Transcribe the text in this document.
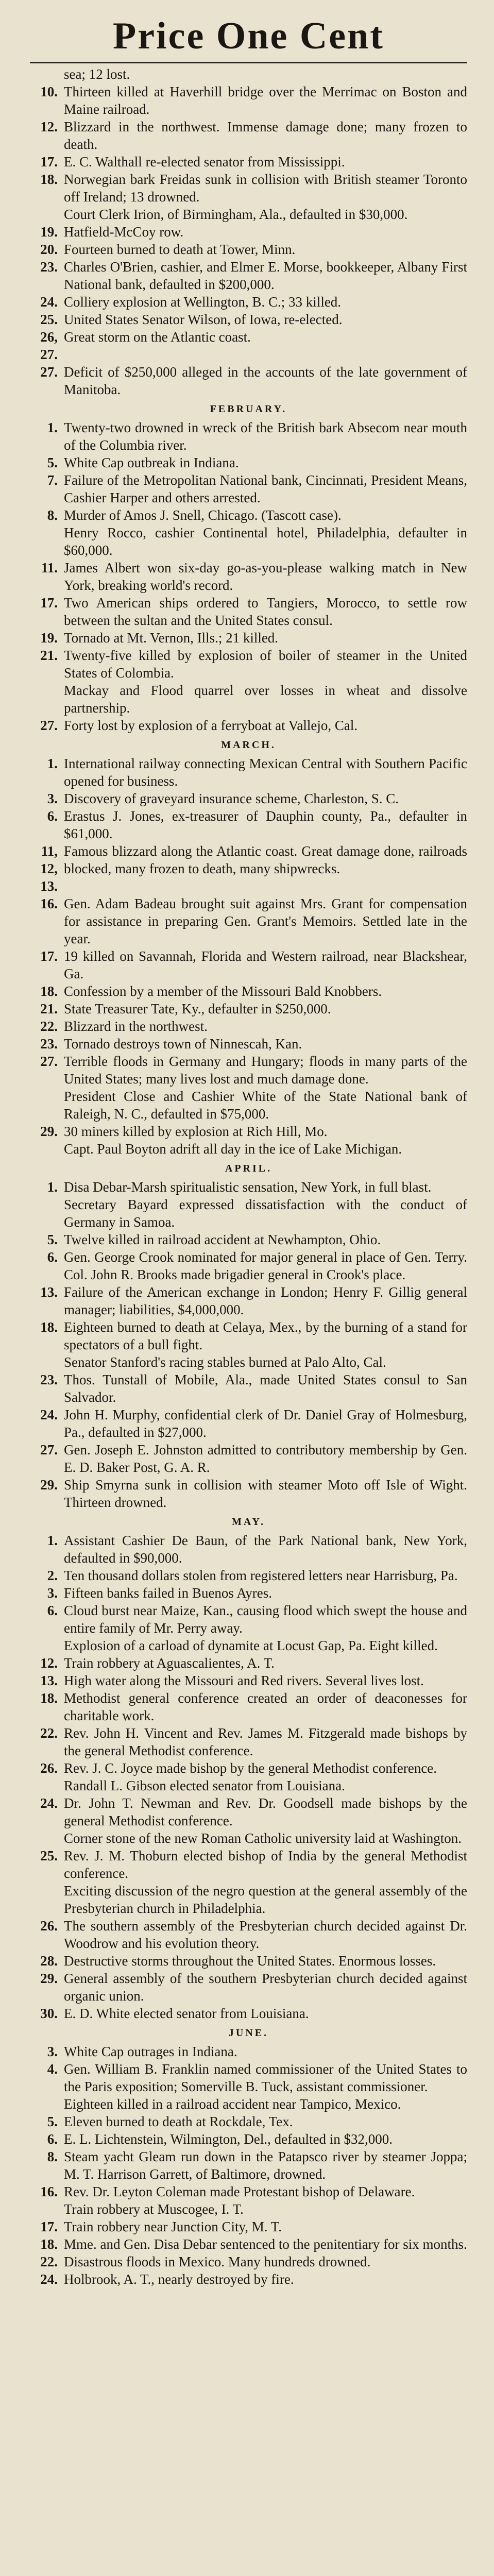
Price One Cent
sea; 12 lost.
10. Thirteen killed at Haverhill bridge over the Merrimac on Boston and Maine railroad.
12. Blizzard in the northwest. Immense damage done; many frozen to death.
17. E. C. Walthall re-elected senator from Mississippi.
18. Norwegian bark Freidas sunk in collision with British steamer Toronto off Ireland; 13 drowned.
Court Clerk Irion, of Birmingham, Ala., defaulted in $30,000.
19. Hatfield-McCoy row.
20. Fourteen burned to death at Tower, Minn.
23. Charles O'Brien, cashier, and Elmer E. Morse, bookkeeper, Albany First National bank, defaulted in $200,000.
24. Colliery explosion at Wellington, B. C.; 33 killed.
25. United States Senator Wilson, of Iowa, re-elected.
26, 27.
Great storm on the Atlantic coast.
27. Deficit of $250,000 alleged in the accounts of the late government of Manitoba.
FEBRUARY.
1. Twenty-two drowned in wreck of the British bark Absecom near mouth of the Columbia river.
5. White Cap outbreak in Indiana.
7. Failure of the Metropolitan National bank, Cincinnati, President Means, Cashier Harper and others arrested.
8. Murder of Amos J. Snell, Chicago. (Tascott case).
Henry Rocco, cashier Continental hotel, Philadelphia, defaulter in $60,000.
11. James Albert won six-day go-as-you-please walking match in New York, breaking world's record.
17. Two American ships ordered to Tangiers, Morocco, to settle row between the sultan and the United States consul.
19. Tornado at Mt. Vernon, Ills.; 21 killed.
21. Twenty-five killed by explosion of boiler of steamer in the United States of Colombia.
Mackay and Flood quarrel over losses in wheat and dissolve partnership.
27. Forty lost by explosion of a ferryboat at Vallejo, Cal.
MARCH.
1. International railway connecting Mexican Central with Southern Pacific opened for business.
3. Discovery of graveyard insurance scheme, Charleston, S. C.
6. Erastus J. Jones, ex-treasurer of Dauphin county, Pa., defaulter in $61,000.
11, 12, 13.
Famous blizzard along the Atlantic coast. Great damage done, railroads blocked, many frozen to death, many shipwrecks.
16. Gen. Adam Badeau brought suit against Mrs. Grant for compensation for assistance in preparing Gen. Grant's Memoirs. Settled late in the year.
17. 19 killed on Savannah, Florida and Western railroad, near Blackshear, Ga.
18. Confession by a member of the Missouri Bald Knobbers.
21. State Treasurer Tate, Ky., defaulter in $250,000.
22. Blizzard in the northwest.
23. Tornado destroys town of Ninnescah, Kan.
27. Terrible floods in Germany and Hungary; floods in many parts of the United States; many lives lost and much damage done.
President Close and Cashier White of the State National bank of Raleigh, N. C., defaulted in $75,000.
29. 30 miners killed by explosion at Rich Hill, Mo.
Capt. Paul Boyton adrift all day in the ice of Lake Michigan.
APRIL.
1. Disa Debar-Marsh spiritualistic sensation, New York, in full blast.
Secretary Bayard expressed dissatisfaction with the conduct of Germany in Samoa.
5. Twelve killed in railroad accident at Newhampton, Ohio.
6. Gen. George Crook nominated for major general in place of Gen. Terry. Col. John R. Brooks made brigadier general in Crook's place.
13. Failure of the American exchange in London; Henry F. Gillig general manager; liabilities, $4,000,000.
18. Eighteen burned to death at Celaya, Mex., by the burning of a stand for spectators of a bull fight.
Senator Stanford's racing stables burned at Palo Alto, Cal.
23. Thos. Tunstall of Mobile, Ala., made United States consul to San Salvador.
24. John H. Murphy, confidential clerk of Dr. Daniel Gray of Holmesburg, Pa., defaulted in $27,000.
27. Gen. Joseph E. Johnston admitted to contributory membership by Gen. E. D. Baker Post, G. A. R.
29. Ship Smyrna sunk in collision with steamer Moto off Isle of Wight. Thirteen drowned.
MAY.
1. Assistant Cashier De Baun, of the Park National bank, New York, defaulted in $90,000.
2. Ten thousand dollars stolen from registered letters near Harrisburg, Pa.
3. Fifteen banks failed in Buenos Ayres.
6. Cloud burst near Maize, Kan., causing flood which swept the house and entire family of Mr. Perry away.
Explosion of a carload of dynamite at Locust Gap, Pa. Eight killed.
12. Train robbery at Aguascalientes, A. T.
13. High water along the Missouri and Red rivers. Several lives lost.
18. Methodist general conference created an order of deaconesses for charitable work.
22. Rev. John H. Vincent and Rev. James M. Fitzgerald made bishops by the general Methodist conference.
26. Rev. J. C. Joyce made bishop by the general Methodist conference.
Randall L. Gibson elected senator from Louisiana.
24. Dr. John T. Newman and Rev. Dr. Goodsell made bishops by the general Methodist conference.
Corner stone of the new Roman Catholic university laid at Washington.
25. Rev. J. M. Thoburn elected bishop of India by the general Methodist conference.
Exciting discussion of the negro question at the general assembly of the Presbyterian church in Philadelphia.
26. The southern assembly of the Presbyterian church decided against Dr. Woodrow and his evolution theory.
28. Destructive storms throughout the United States. Enormous losses.
29. General assembly of the southern Presbyterian church decided against organic union.
30. E. D. White elected senator from Louisiana.
JUNE.
3. White Cap outrages in Indiana.
4. Gen. William B. Franklin named commissioner of the United States to the Paris exposition; Somerville B. Tuck, assistant commissioner.
Eighteen killed in a railroad accident near Tampico, Mexico.
5. Eleven burned to death at Rockdale, Tex.
6. E. L. Lichtenstein, Wilmington, Del., defaulted in $32,000.
8. Steam yacht Gleam run down in the Patapsco river by steamer Joppa; M. T. Harrison Garrett, of Baltimore, drowned.
16. Rev. Dr. Leyton Coleman made Protestant bishop of Delaware.
Train robbery at Muscogee, I. T.
17. Train robbery near Junction City, M. T.
18. Mme. and Gen. Disa Debar sentenced to the penitentiary for six months.
22. Disastrous floods in Mexico. Many hundreds drowned.
24. Holbrook, A. T., nearly destroyed by fire.
